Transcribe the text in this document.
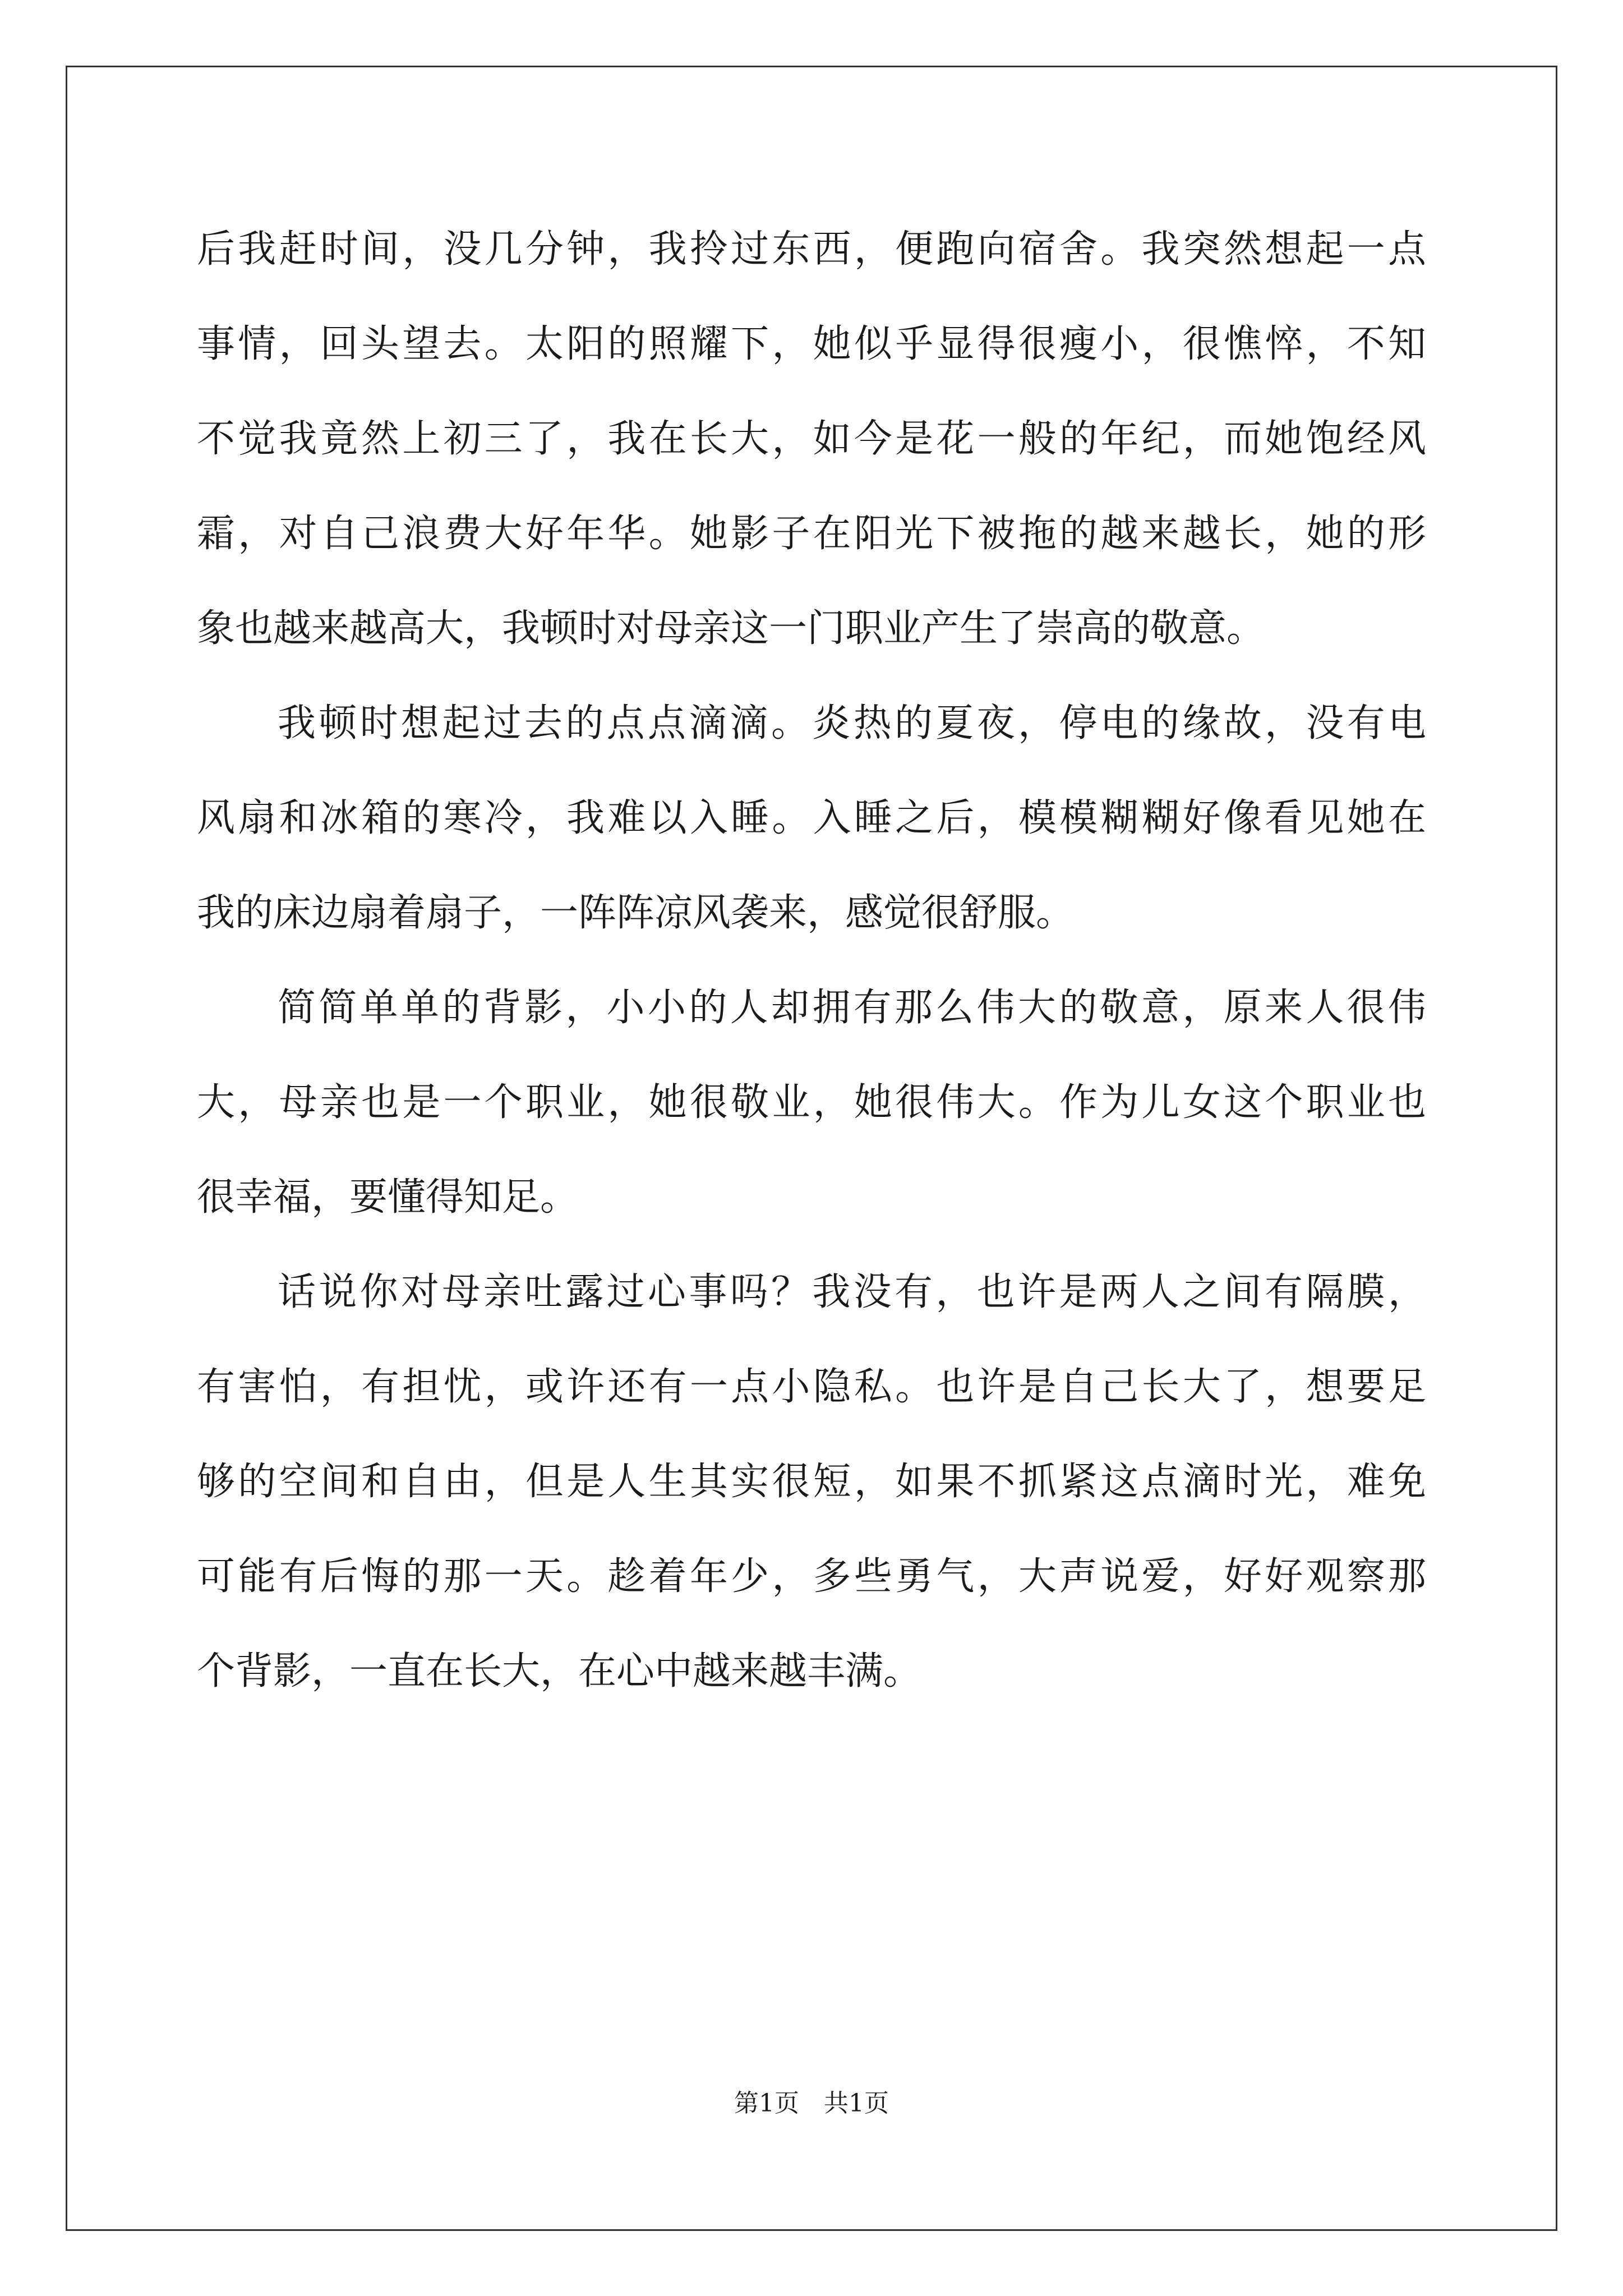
后我赶时间，没几分钟，我拎过东西，便跑向宿舍。我突然想起一点
事情，回头望去。太阳的照耀下，她似乎显得很瘦小，很憔悴，不知
不觉我竟然上初三了，我在长大，如今是花一般的年纪，而她饱经风
霜，对自己浪费大好年华。她影子在阳光下被拖的越来越长，她的形
象也越来越高大，我顿时对母亲这一门职业产生了崇高的敬意。
我顿时想起过去的点点滴滴。炎热的夏夜，停电的缘故，没有电
风扇和冰箱的寒冷，我难以入睡。入睡之后，模模糊糊好像看见她在
我的床边扇着扇子，一阵阵凉风袭来，感觉很舒服。
简简单单的背影，小小的人却拥有那么伟大的敬意，原来人很伟
大，母亲也是一个职业，她很敬业，她很伟大。作为儿女这个职业也
很幸福，要懂得知足。
话说你对母亲吐露过心事吗？我没有，也许是两人之间有隔膜，
有害怕，有担忧，或许还有一点小隐私。也许是自己长大了，想要足
够的空间和自由，但是人生其实很短，如果不抓紧这点滴时光，难免
可能有后悔的那一天。趁着年少，多些勇气，大声说爱，好好观察那
个背影，一直在长大，在心中越来越丰满。
第1页　共1页
